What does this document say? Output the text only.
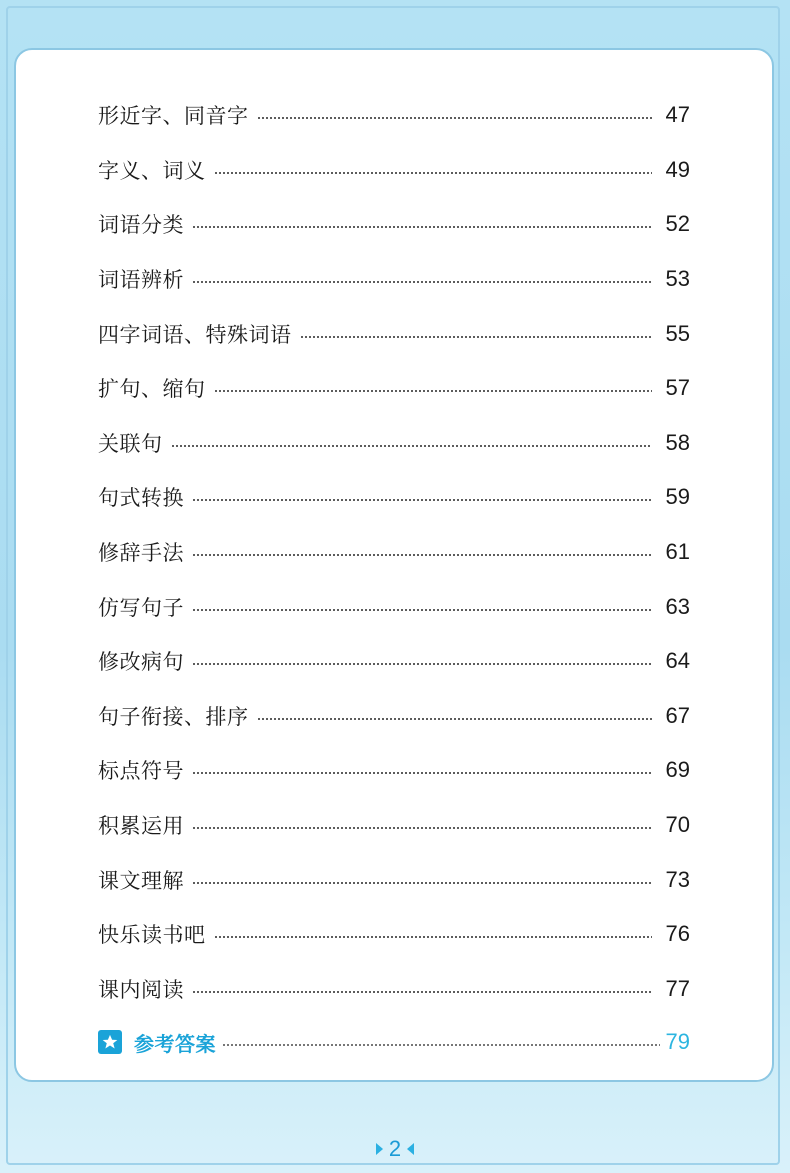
形近字、同音字	47
字义、词义	49
词语分类	52
词语辨析	53
四字词语、特殊词语	55
扩句、缩句	57
关联句	58
句式转换	59
修辞手法	61
仿写句子	63
修改病句	64
句子衔接、排序	67
标点符号	69
积累运用	70
课文理解	73
快乐读书吧	76
课内阅读	77
参考答案	79
2
